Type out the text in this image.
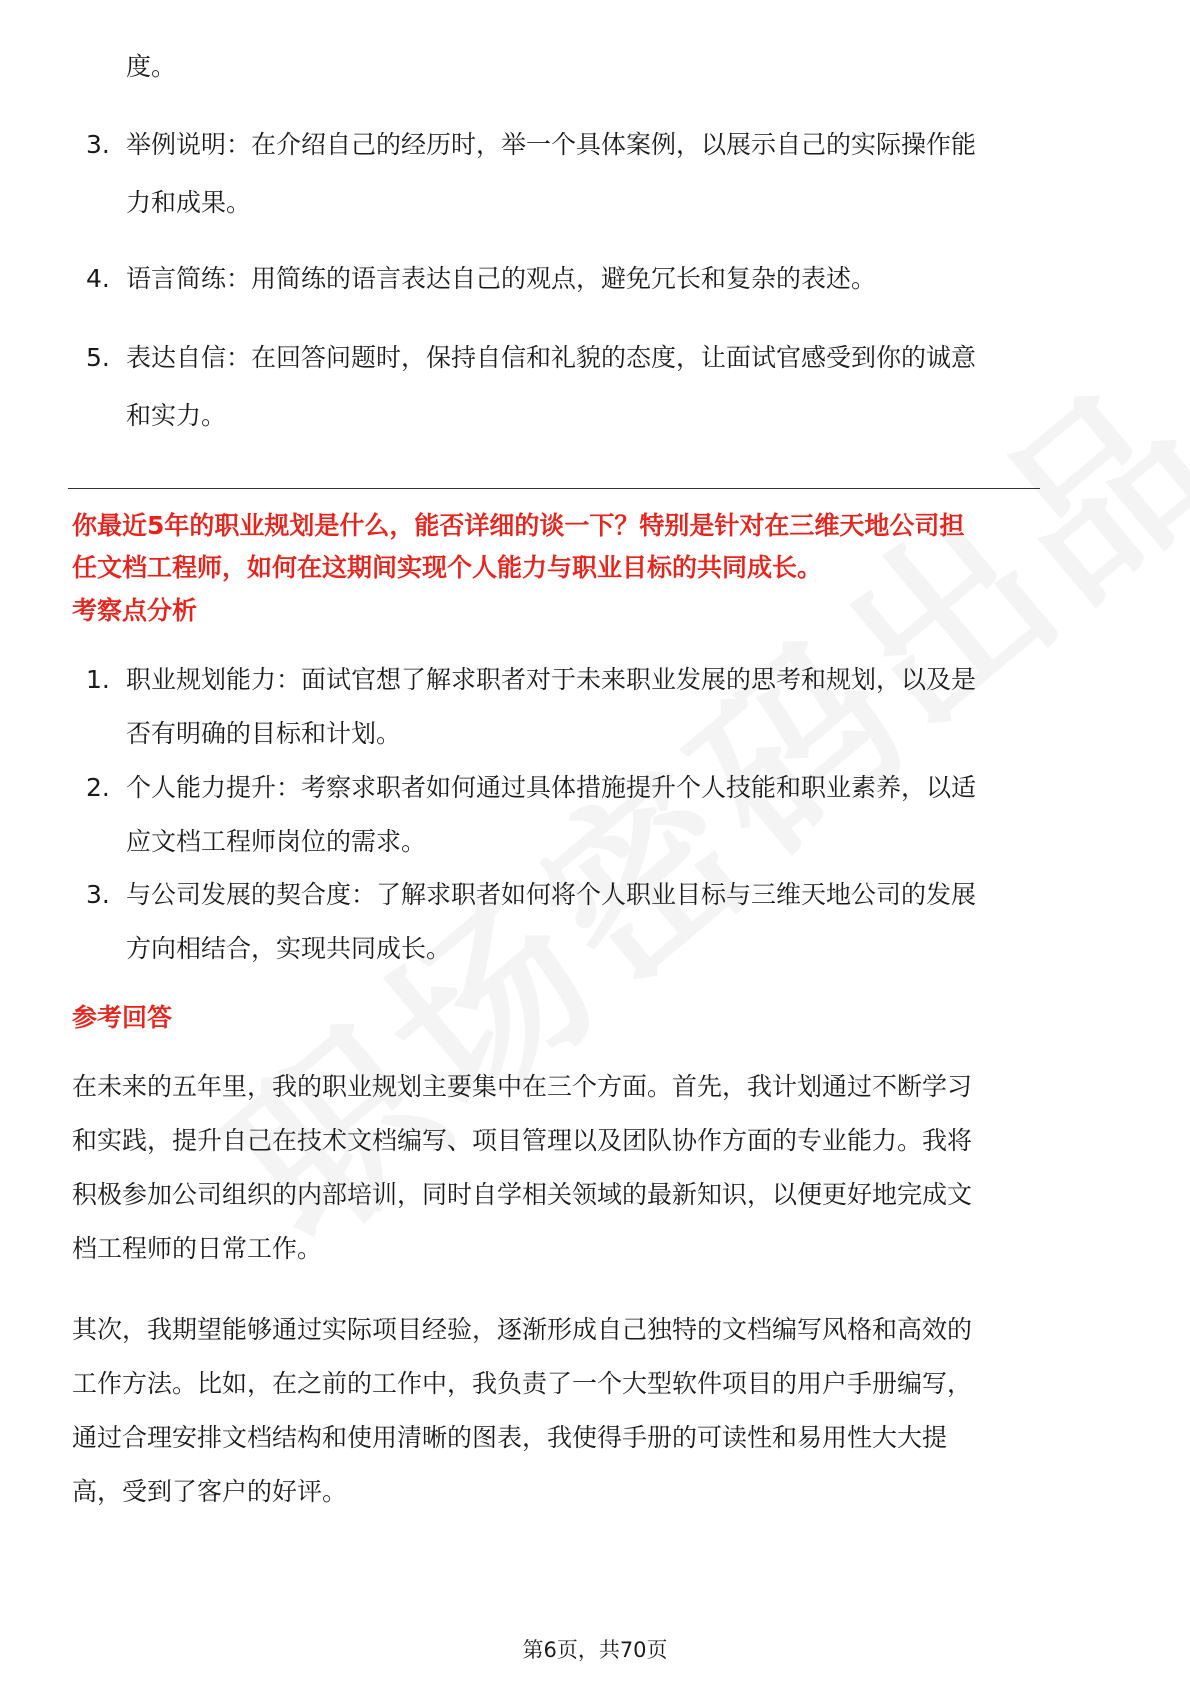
度。

3. 举例说明：在介绍自己的经历时，举一个具体案例，以展示自己的实际操作能

力和成果。

4. 语言简练：用简练的语言表达自己的观点，避免冗长和复杂的表述。

5. 表达自信：在回答问题时，保持自信和礼貌的态度，让面试官感受到你的诚意

和实力。

你最近5年的职业规划是什么，能否详细的谈一下？特别是针对在三维天地公司担

任文档工程师，如何在这期间实现个人能力与职业目标的共同成长。

考察点分析

1. 职业规划能力：面试官想了解求职者对于未来职业发展的思考和规划，以及是

否有明确的目标和计划。

2. 个人能力提升：考察求职者如何通过具体措施提升个人技能和职业素养，以适

应文档工程师岗位的需求。

3. 与公司发展的契合度：了解求职者如何将个人职业目标与三维天地公司的发展

方向相结合，实现共同成长。

参考回答

在未来的五年里，我的职业规划主要集中在三个方面。首先，我计划通过不断学习

和实践，提升自己在技术文档编写、项目管理以及团队协作方面的专业能力。我将

积极参加公司组织的内部培训，同时自学相关领域的最新知识，以便更好地完成文

档工程师的日常工作。

其次，我期望能够通过实际项目经验，逐渐形成自己独特的文档编写风格和高效的

工作方法。比如，在之前的工作中，我负责了一个大型软件项目的用户手册编写，

通过合理安排文档结构和使用清晰的图表，我使得手册的可读性和易用性大大提

高，受到了客户的好评。

第6页，共70页
